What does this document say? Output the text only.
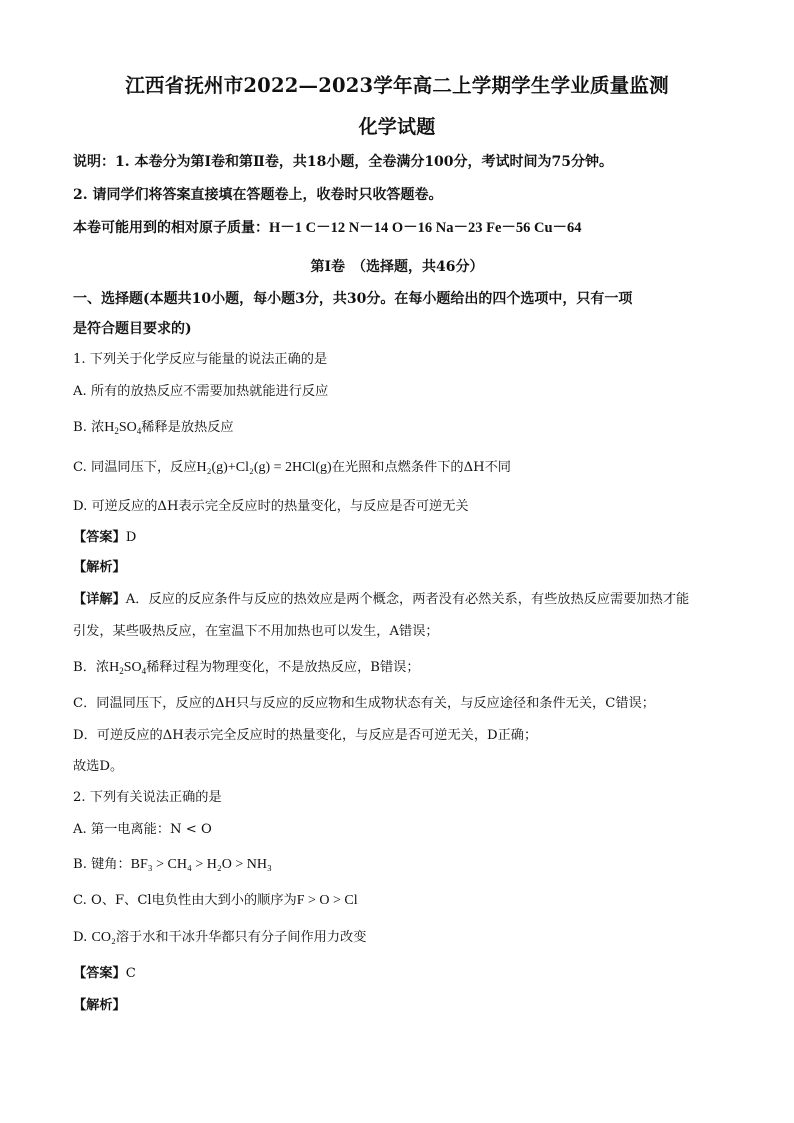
江西省抚州市2022—2023学年高二上学期学生学业质量监测
化学试题
说明：1. 本卷分为第Ⅰ卷和第Ⅱ卷，共18小题，全卷满分100分，考试时间为75分钟。
2. 请同学们将答案直接填在答题卷上，收卷时只收答题卷。
本卷可能用到的相对原子质量：H－1 C－12 N－14 O－16 Na－23 Fe－56 Cu－64
第Ⅰ卷　（选择题，共46分）
一、选择题(本题共10小题，每小题3分，共30分。在每小题给出的四个选项中，只有一项
是符合题目要求的)
1. 下列关于化学反应与能量的说法正确的是
A. 所有的放热反应不需要加热就能进行反应
B. 浓$H_2SO_4$稀释是放热反应
C. 同温同压下，反应H₂(g)+Cl₂(g) = 2HCl(g)在光照和点燃条件下的ΔH不同
D. 可逆反应的ΔH表示完全反应时的热量变化，与反应是否可逆无关
【答案】D
【解析】
【详解】A．反应的反应条件与反应的热效应是两个概念，两者没有必然关系，有些放热反应需要加热才能
引发，某些吸热反应，在室温下不用加热也可以发生，A错误；
B．浓$H_2SO_4$稀释过程为物理变化，不是放热反应，B错误；
C．同温同压下，反应的ΔH只与反应的反应物和生成物状态有关，与反应途径和条件无关，C错误；
D．可逆反应的ΔH表示完全反应时的热量变化，与反应是否可逆无关，D正确；
故选D。
2. 下列有关说法正确的是
A. 第一电离能：N < O
B. 键角：BF₃ > CH₄ > H₂O > NH₃
C. O、F、Cl电负性由大到小的顺序为F > O > Cl
D. CO₂溶于水和干冰升华都只有分子间作用力改变
【答案】C
【解析】
